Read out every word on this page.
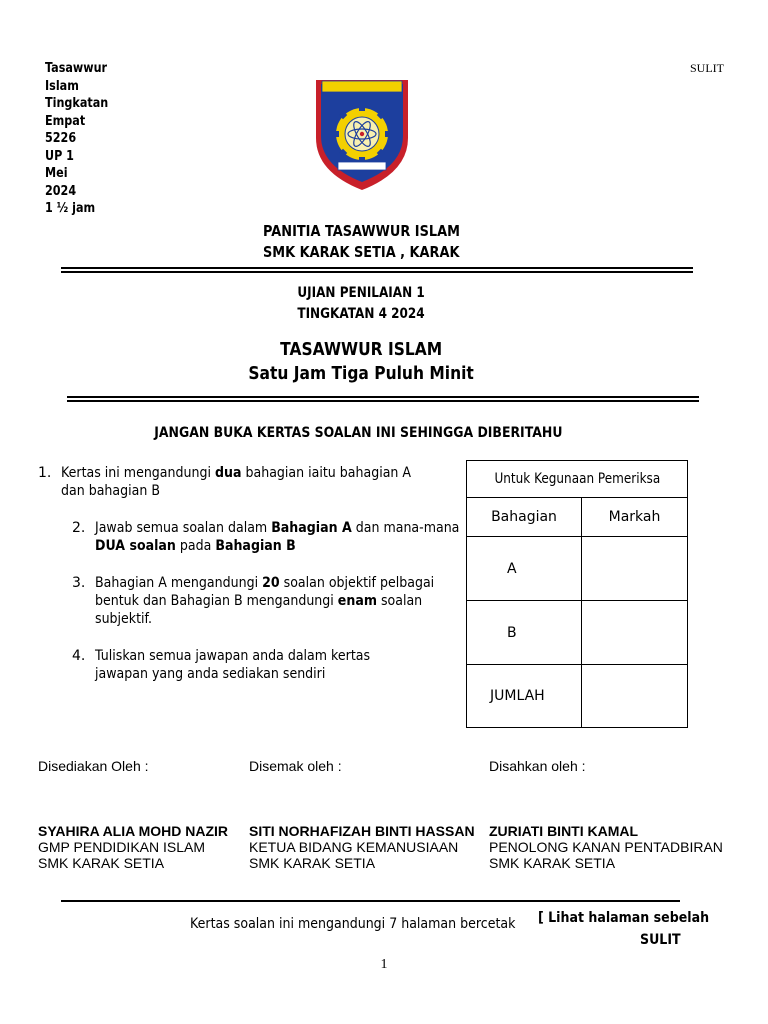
Tasawwur
Islam
Tingkatan
Empat
5226
UP 1
Mei
2024
1 ½ jam
SULIT
PANITIA TASAWWUR ISLAM
SMK KARAK SETIA , KARAK
UJIAN PENILAIAN 1
TINGKATAN 4 2024
TASAWWUR ISLAM
Satu Jam Tiga Puluh Minit
JANGAN BUKA KERTAS SOALAN INI SEHINGGA DIBERITAHU
1. Kertas ini mengandungi dua bahagian iaitu bahagian A
dan bahagian B
2. Jawab semua soalan dalam Bahagian A dan mana-mana
DUA soalan pada Bahagian B
3. Bahagian A mengandungi 20 soalan objektif pelbagai
bentuk dan Bahagian B mengandungi enam soalan
subjektif.
4. Tuliskan semua jawapan anda dalam kertas
jawapan yang anda sediakan sendiri
Untuk Kegunaan Pemeriksa	
Bahagian	Markah
A	
B	
JUMLAH	
Disediakan Oleh :	Disemak oleh :	Disahkan oleh :
SYAHIRA ALIA MOHD NAZIR
GMP PENDIDIKAN ISLAM
SMK KARAK SETIA
SITI NORHAFIZAH BINTI HASSAN
KETUA BIDANG KEMANUSIAAN
SMK KARAK SETIA
ZURIATI BINTI KAMAL
PENOLONG KANAN PENTADBIRAN
SMK KARAK SETIA
Kertas soalan ini mengandungi 7 halaman bercetak	[ Lihat halaman sebelah
SULIT
1
